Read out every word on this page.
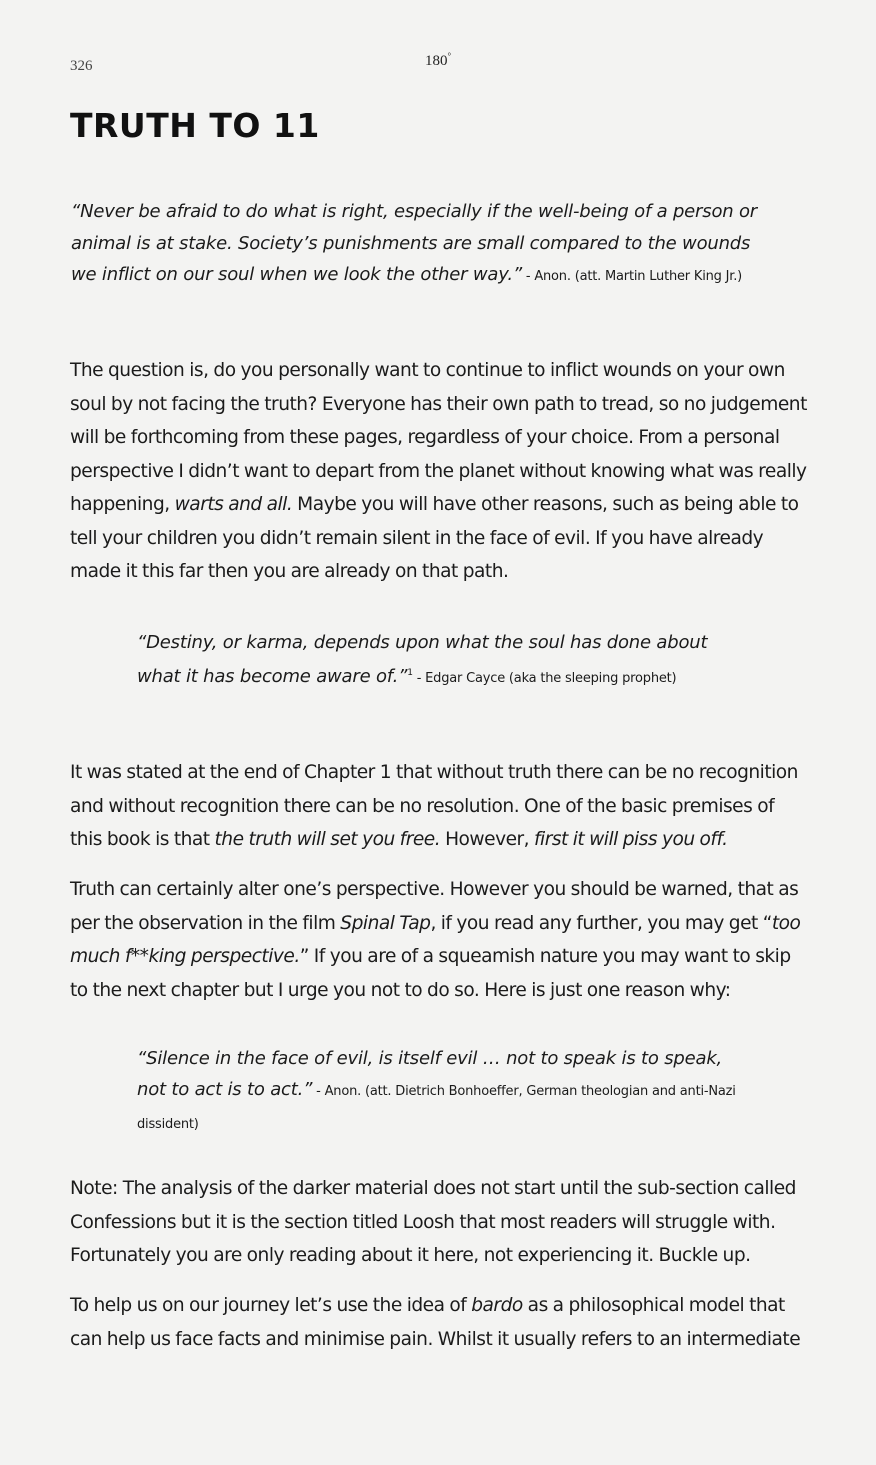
326	180°
TRUTH TO 11

“Never be afraid to do what is right, especially if the well-being of a person or animal is at stake. Society’s punishments are small compared to the wounds we inflict on our soul when we look the other way.” - Anon. (att. Martin Luther King Jr.)

The question is, do you personally want to continue to inflict wounds on your own soul by not facing the truth? Everyone has their own path to tread, so no judgement will be forthcoming from these pages, regardless of your choice. From a personal perspective I didn’t want to depart from the planet without knowing what was really happening, warts and all. Maybe you will have other reasons, such as being able to tell your children you didn’t remain silent in the face of evil. If you have already made it this far then you are already on that path.

“Destiny, or karma, depends upon what the soul has done about what it has become aware of.”$^1$ - Edgar Cayce (aka the sleeping prophet)

It was stated at the end of Chapter 1 that without truth there can be no recognition and without recognition there can be no resolution. One of the basic premises of this book is that the truth will set you free. However, first it will piss you off.

Truth can certainly alter one’s perspective. However you should be warned, that as per the observation in the film Spinal Tap, if you read any further, you may get “too much f**king perspective.” If you are of a squeamish nature you may want to skip to the next chapter but I urge you not to do so. Here is just one reason why:

“Silence in the face of evil, is itself evil … not to speak is to speak, not to act is to act.” - Anon. (att. Dietrich Bonhoeffer, German theologian and anti-Nazi dissident)

Note: The analysis of the darker material does not start until the sub-section called Confessions but it is the section titled Loosh that most readers will struggle with. Fortunately you are only reading about it here, not experiencing it. Buckle up.

To help us on our journey let’s use the idea of bardo as a philosophical model that can help us face facts and minimise pain. Whilst it usually refers to an intermediate
